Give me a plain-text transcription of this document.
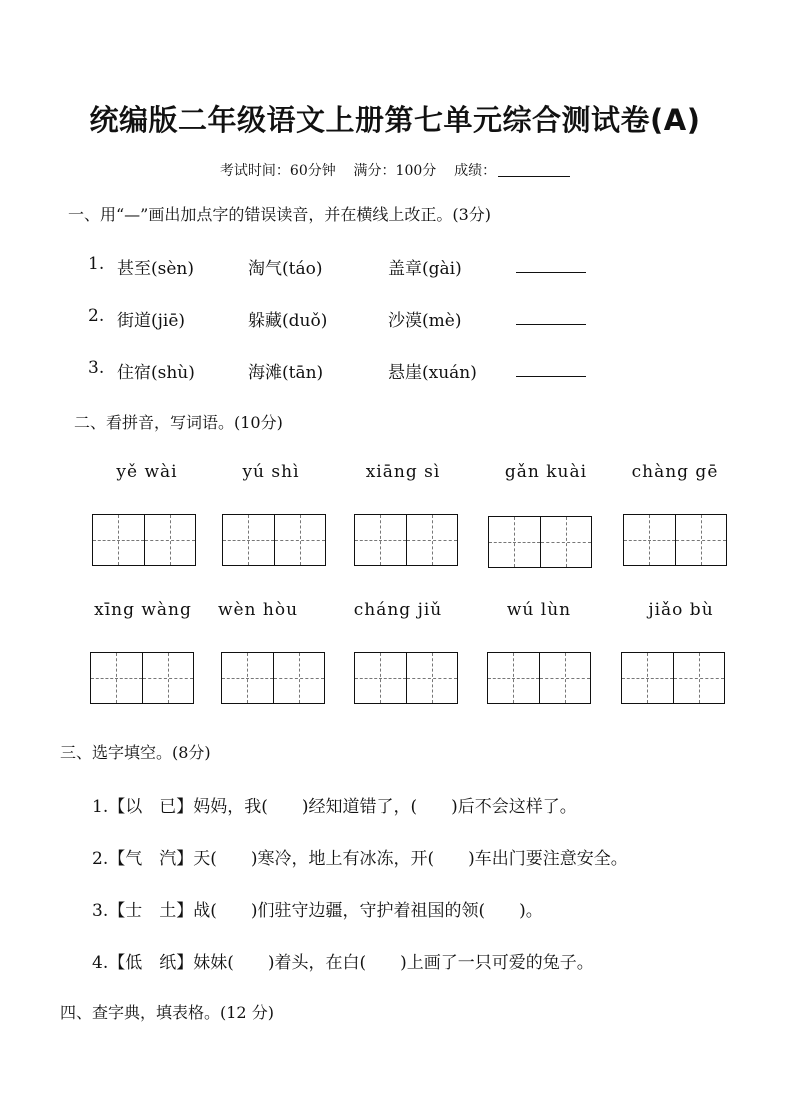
统编版二年级语文上册第七单元综合测试卷(A)
考试时间：60分钟 满分：100分 成绩：
一、用“—”画出加点字的错误读音，并在横线上改正。(3分)
1. 甚至(sèn)	淘气(táo)	盖章(gài)
2. 街道(jiē)	躲藏(duǒ)	沙漠(mè)
3. 住宿(shù)	海滩(tān)	悬崖(xuán)
二、看拼音，写词语。(10分)
yě wài	yú shì	xiāng sì	gǎn kuài	chàng gē
xīng wàng	wèn hòu	cháng jiǔ	wú lùn	jiǎo bù
三、选字填空。(8分)
1.【以　已】妈妈，我(　　)经知道错了，(　　)后不会这样了。
2.【气　汽】天(　　)寒冷，地上有冰冻，开(　　)车出门要注意安全。
3.【士　土】战(　　)们驻守边疆，守护着祖国的领(　　)。
4.【低　纸】妹妹(　　)着头，在白(　　)上画了一只可爱的兔子。
四、查字典，填表格。(12 分)
